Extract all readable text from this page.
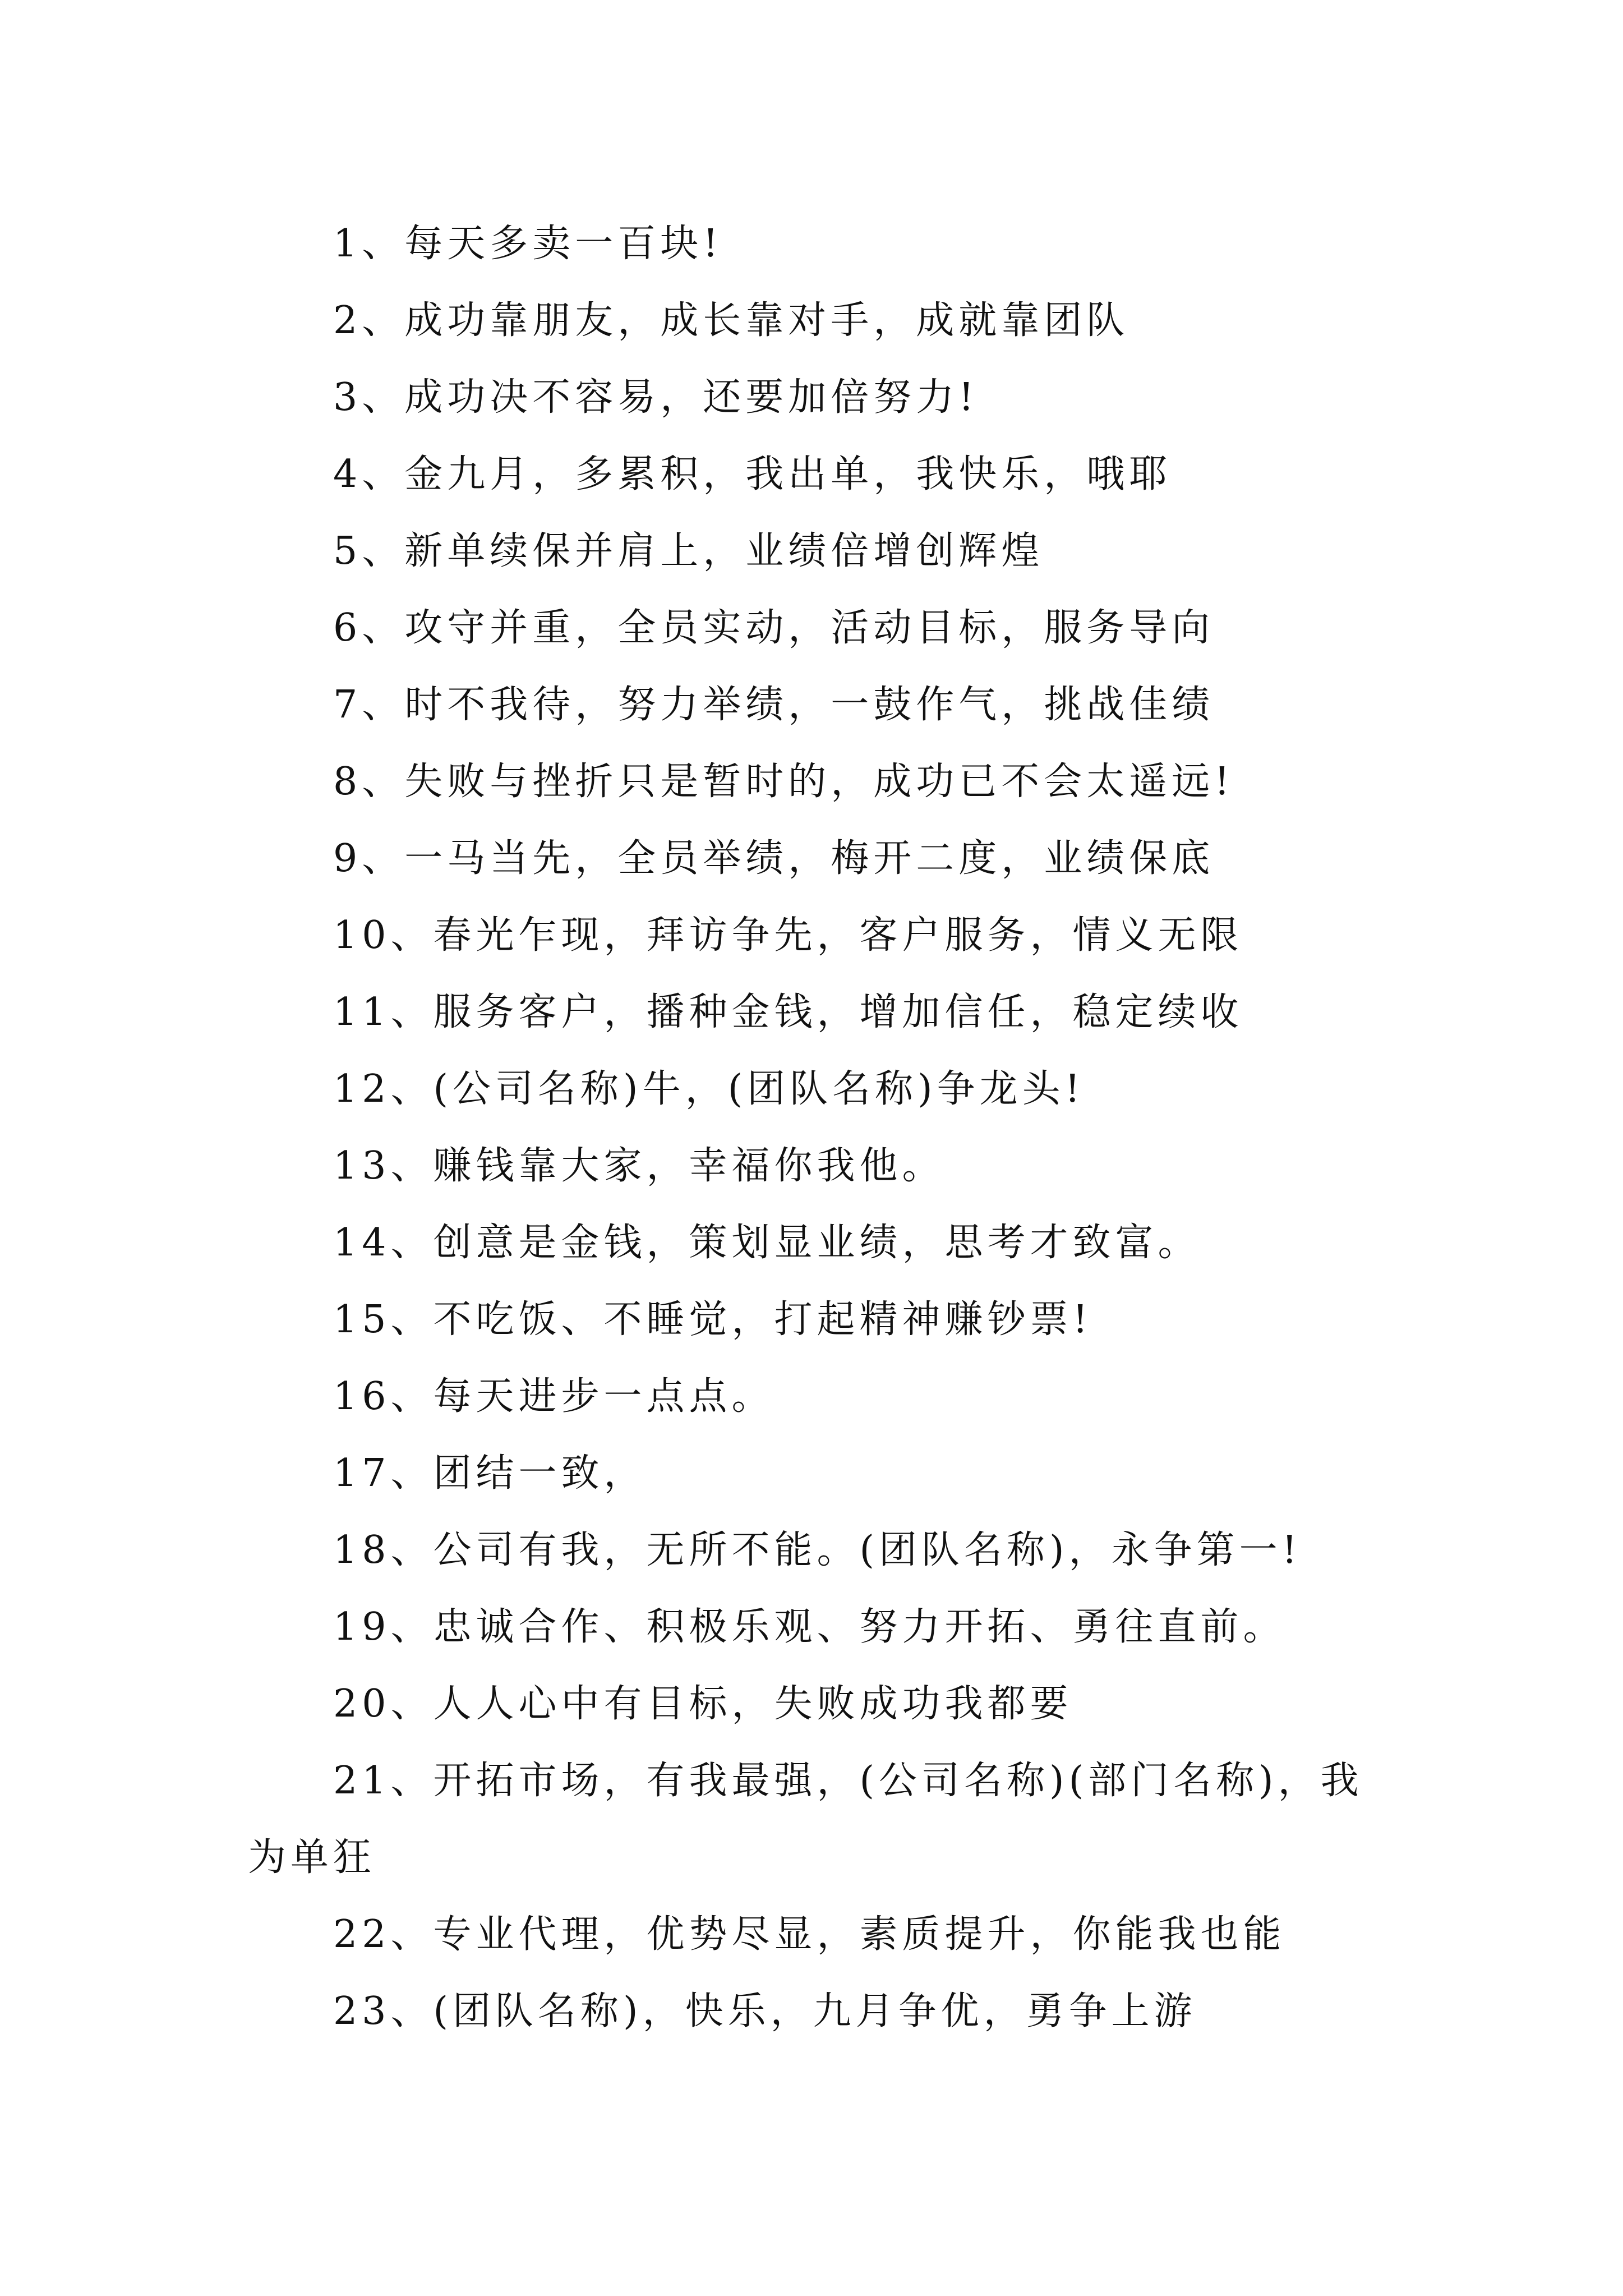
1、每天多卖一百块!

2、成功靠朋友，成长靠对手，成就靠团队

3、成功决不容易，还要加倍努力!

4、金九月，多累积，我出单，我快乐，哦耶

5、新单续保并肩上，业绩倍增创辉煌

6、攻守并重，全员实动，活动目标，服务导向

7、时不我待，努力举绩，一鼓作气，挑战佳绩

8、失败与挫折只是暂时的，成功已不会太遥远!

9、一马当先，全员举绩，梅开二度，业绩保底

10、春光乍现，拜访争先，客户服务，情义无限

11、服务客户，播种金钱，增加信任，稳定续收

12、(公司名称)牛，(团队名称)争龙头!

13、赚钱靠大家，幸福你我他。

14、创意是金钱，策划显业绩，思考才致富。

15、不吃饭、不睡觉，打起精神赚钞票!

16、每天进步一点点。

17、团结一致，

18、公司有我，无所不能。(团队名称)，永争第一!

19、忠诚合作、积极乐观、努力开拓、勇往直前。

20、人人心中有目标，失败成功我都要

21、开拓市场，有我最强，(公司名称)(部门名称)，我为单狂

22、专业代理，优势尽显，素质提升，你能我也能

23、(团队名称)，快乐，九月争优，勇争上游
